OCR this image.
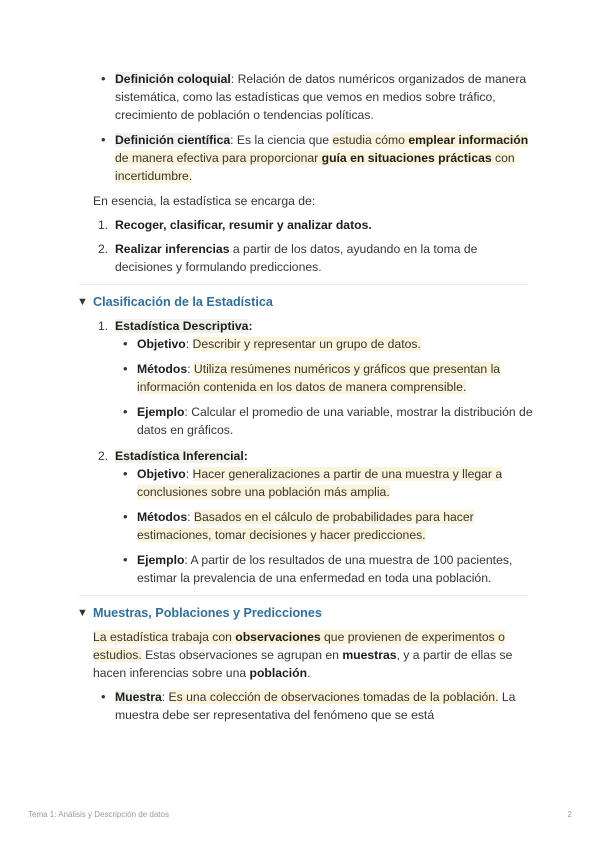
• Definición coloquial: Relación de datos numéricos organizados de manera sistemática, como las estadísticas que vemos en medios sobre tráfico, crecimiento de población o tendencias políticas.
• Definición científica: Es la ciencia que estudia cómo emplear información de manera efectiva para proporcionar guía en situaciones prácticas con incertidumbre.

En esencia, la estadística se encarga de:

1. Recoger, clasificar, resumir y analizar datos.
2. Realizar inferencias a partir de los datos, ayudando en la toma de decisiones y formulando predicciones.
▼ Clasificación de la Estadística
1. Estadística Descriptiva:
• Objetivo: Describir y representar un grupo de datos.
• Métodos: Utiliza resúmenes numéricos y gráficos que presentan la información contenida en los datos de manera comprensible.
• Ejemplo: Calcular el promedio de una variable, mostrar la distribución de datos en gráficos.
2. Estadística Inferencial:
• Objetivo: Hacer generalizaciones a partir de una muestra y llegar a conclusiones sobre una población más amplia.
• Métodos: Basados en el cálculo de probabilidades para hacer estimaciones, tomar decisiones y hacer predicciones.
• Ejemplo: A partir de los resultados de una muestra de 100 pacientes, estimar la prevalencia de una enfermedad en toda una población.
▼ Muestras, Poblaciones y Predicciones

La estadística trabaja con observaciones que provienen de experimentos o estudios. Estas observaciones se agrupan en muestras, y a partir de ellas se hacen inferencias sobre una población.

• Muestra: Es una colección de observaciones tomadas de la población. La muestra debe ser representativa del fenómeno que se está
Tema 1: Análisis y Descripción de datos	2
